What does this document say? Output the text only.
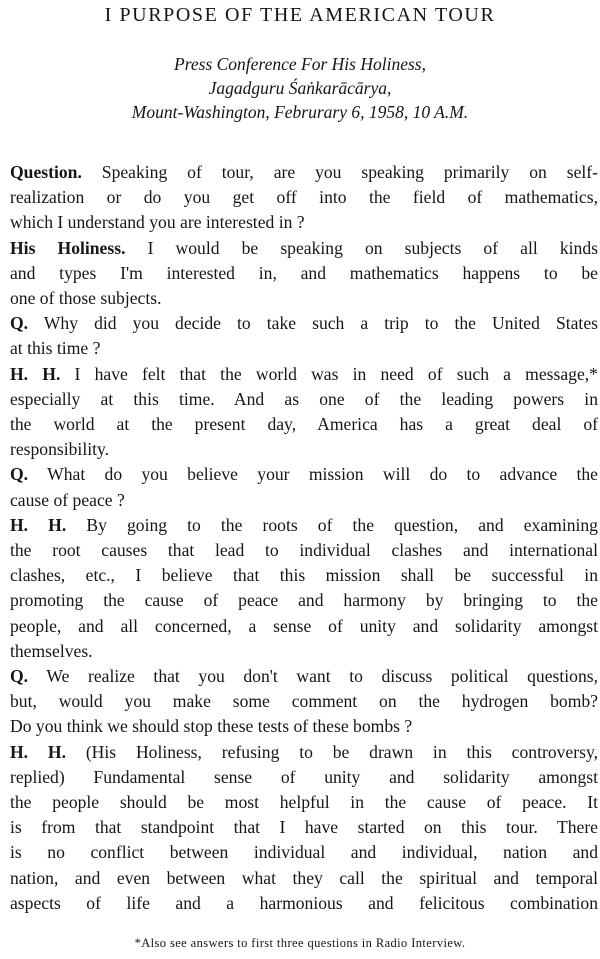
I PURPOSE OF THE AMERICAN TOUR
Press Conference For His Holiness,
Jagadguru Śaṅkarācārya,
Mount-Washington, Februrary 6, 1958, 10 A.M.
Question. Speaking of tour, are you speaking primarily on self-
realization or do you get off into the field of mathematics,
which I understand you are interested in ?
His Holiness. I would be speaking on subjects of all kinds
and types I'm interested in, and mathematics happens to be
one of those subjects.
Q. Why did you decide to take such a trip to the United States
at this time ?
H. H. I have felt that the world was in need of such a message,*
especially at this time. And as one of the leading powers in
the world at the present day, America has a great deal of
responsibility.
Q. What do you believe your mission will do to advance the
cause of peace ?
H. H. By going to the roots of the question, and examining
the root causes that lead to individual clashes and international
clashes, etc., I believe that this mission shall be successful in
promoting the cause of peace and harmony by bringing to the
people, and all concerned, a sense of unity and solidarity amongst
themselves.
Q. We realize that you don't want to discuss political questions,
but, would you make some comment on the hydrogen bomb?
Do you think we should stop these tests of these bombs ?
H. H. (His Holiness, refusing to be drawn in this controversy,
replied) Fundamental sense of unity and solidarity amongst
the people should be most helpful in the cause of peace. It
is from that standpoint that I have started on this tour. There
is no conflict between individual and individual, nation and
nation, and even between what they call the spiritual and temporal
aspects of life and a harmonious and felicitous combination
*Also see answers to first three questions in Radio Interview.
